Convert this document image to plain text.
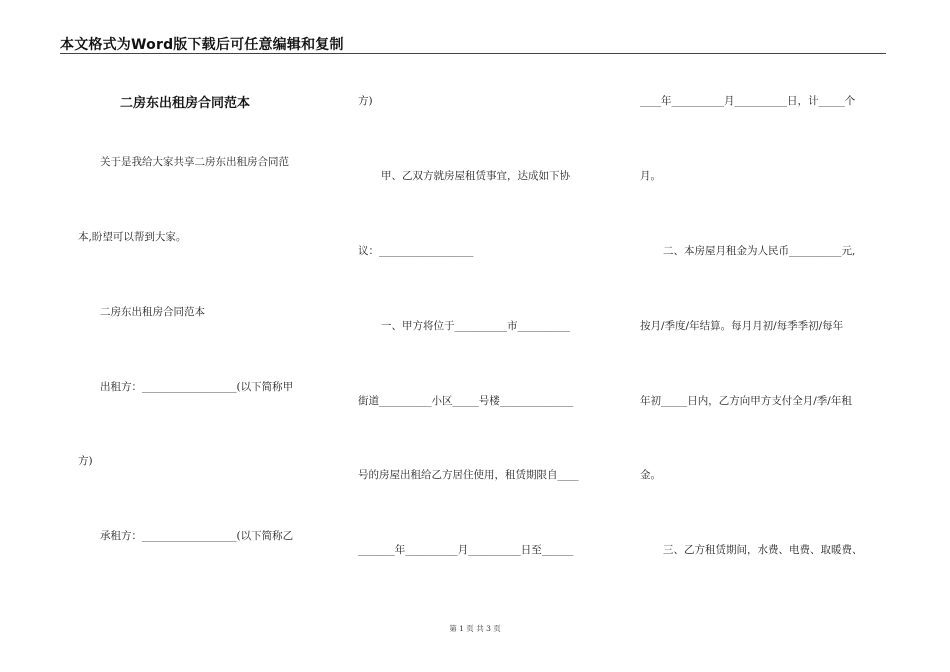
本文格式为Word版下载后可任意编辑和复制
二房东出租房合同范本
关于是我给大家共享二房东出租房合同范
本,盼望可以帮到大家。
二房东出租房合同范本
出租方：__________________(以下简称甲
方)
承租方：__________________(以下简称乙
方)
甲、乙双方就房屋租赁事宜，达成如下协
议：__________________
一、甲方将位于__________市__________
街道__________小区_____号楼______________
号的房屋出租给乙方居住使用，租赁期限自____
_______年__________月__________日至______
____年__________月__________日，计_____个
月。
二、本房屋月租金为人民币__________元,
按月/季度/年结算。每月月初/每季季初/每年
年初_____日内，乙方向甲方支付全月/季/年租
金。
三、乙方租赁期间，水费、电费、取暖费、
第 1 页 共 3 页
